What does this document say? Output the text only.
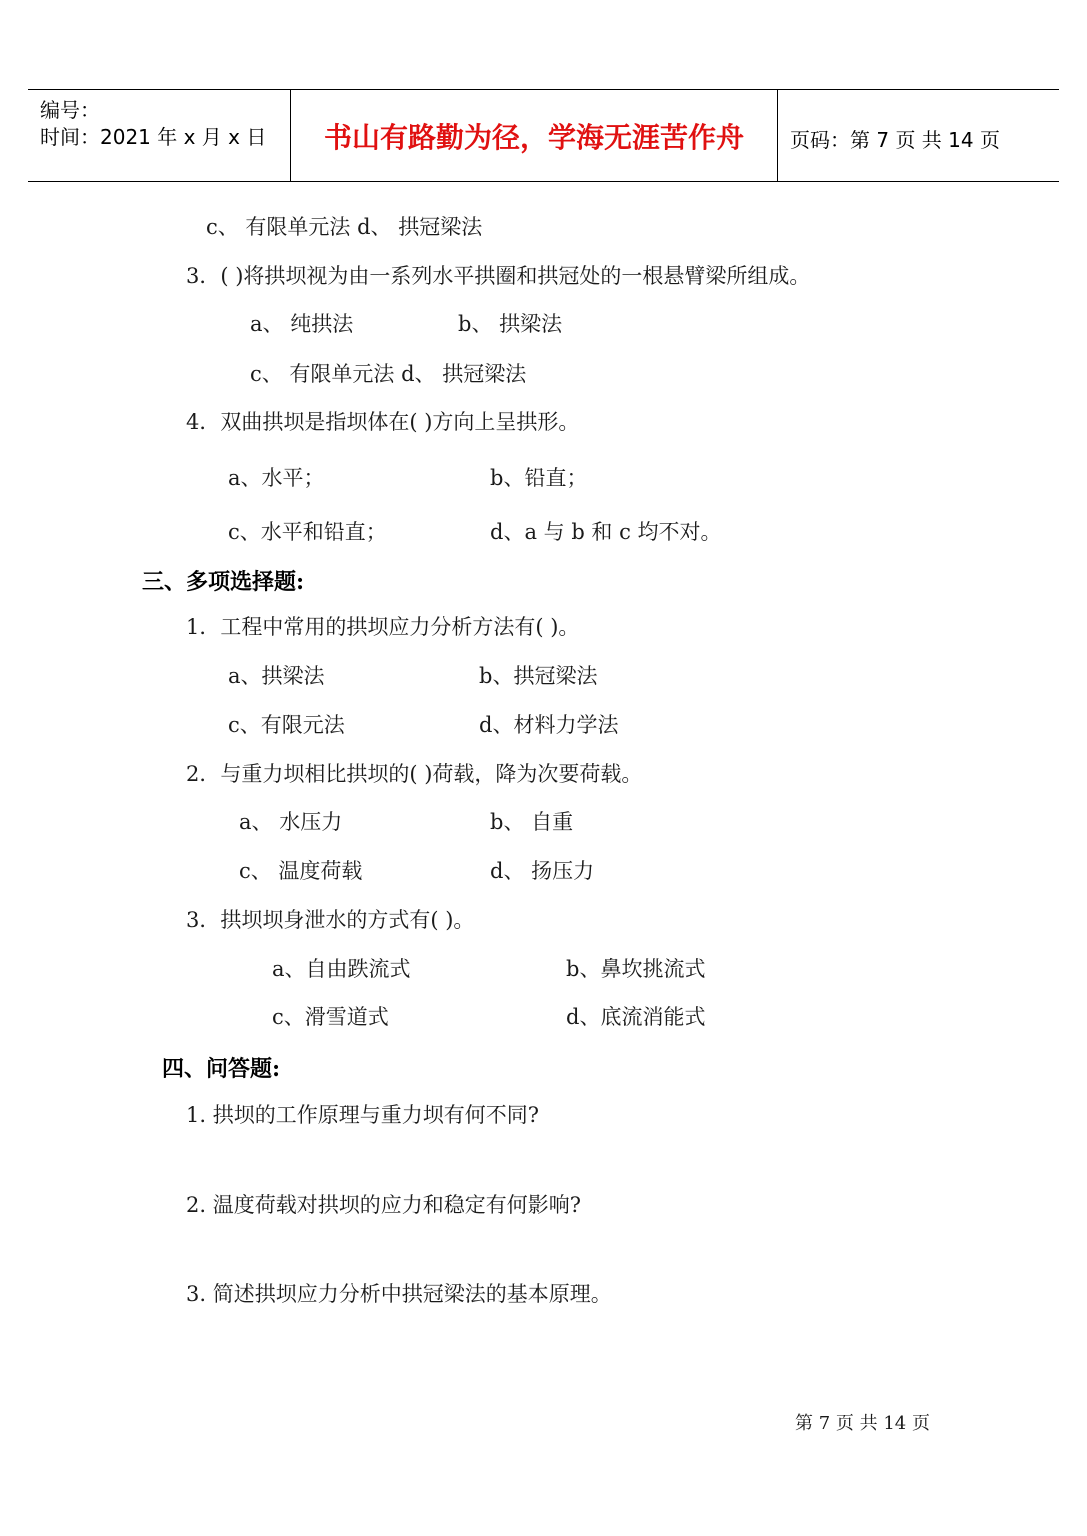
编号：
时间：2021 年 x 月 x 日	书山有路勤为径，学海无涯苦作舟	页码：第 7 页 共 14 页
c、 有限单元法 d、 拱冠梁法
3．( )将拱坝视为由一系列水平拱圈和拱冠处的一根悬臂梁所组成。
a、 纯拱法	b、 拱梁法
c、 有限单元法 d、 拱冠梁法
4．双曲拱坝是指坝体在( )方向上呈拱形。
a、水平；	b、铅直；
c、水平和铅直；	d、a 与 b 和 c 均不对。
三、多项选择题:
1．工程中常用的拱坝应力分析方法有( )。
a、拱梁法	b、拱冠梁法
c、有限元法	d、材料力学法
2．与重力坝相比拱坝的( )荷载，降为次要荷载。
a、 水压力	b、 自重
c、 温度荷载	d、 扬压力
3．拱坝坝身泄水的方式有( )。
a、自由跌流式	b、鼻坎挑流式
c、滑雪道式	d、底流消能式
四、问答题:
1. 拱坝的工作原理与重力坝有何不同?
2. 温度荷载对拱坝的应力和稳定有何影响?
3. 简述拱坝应力分析中拱冠梁法的基本原理。
第 7 页 共 14 页
